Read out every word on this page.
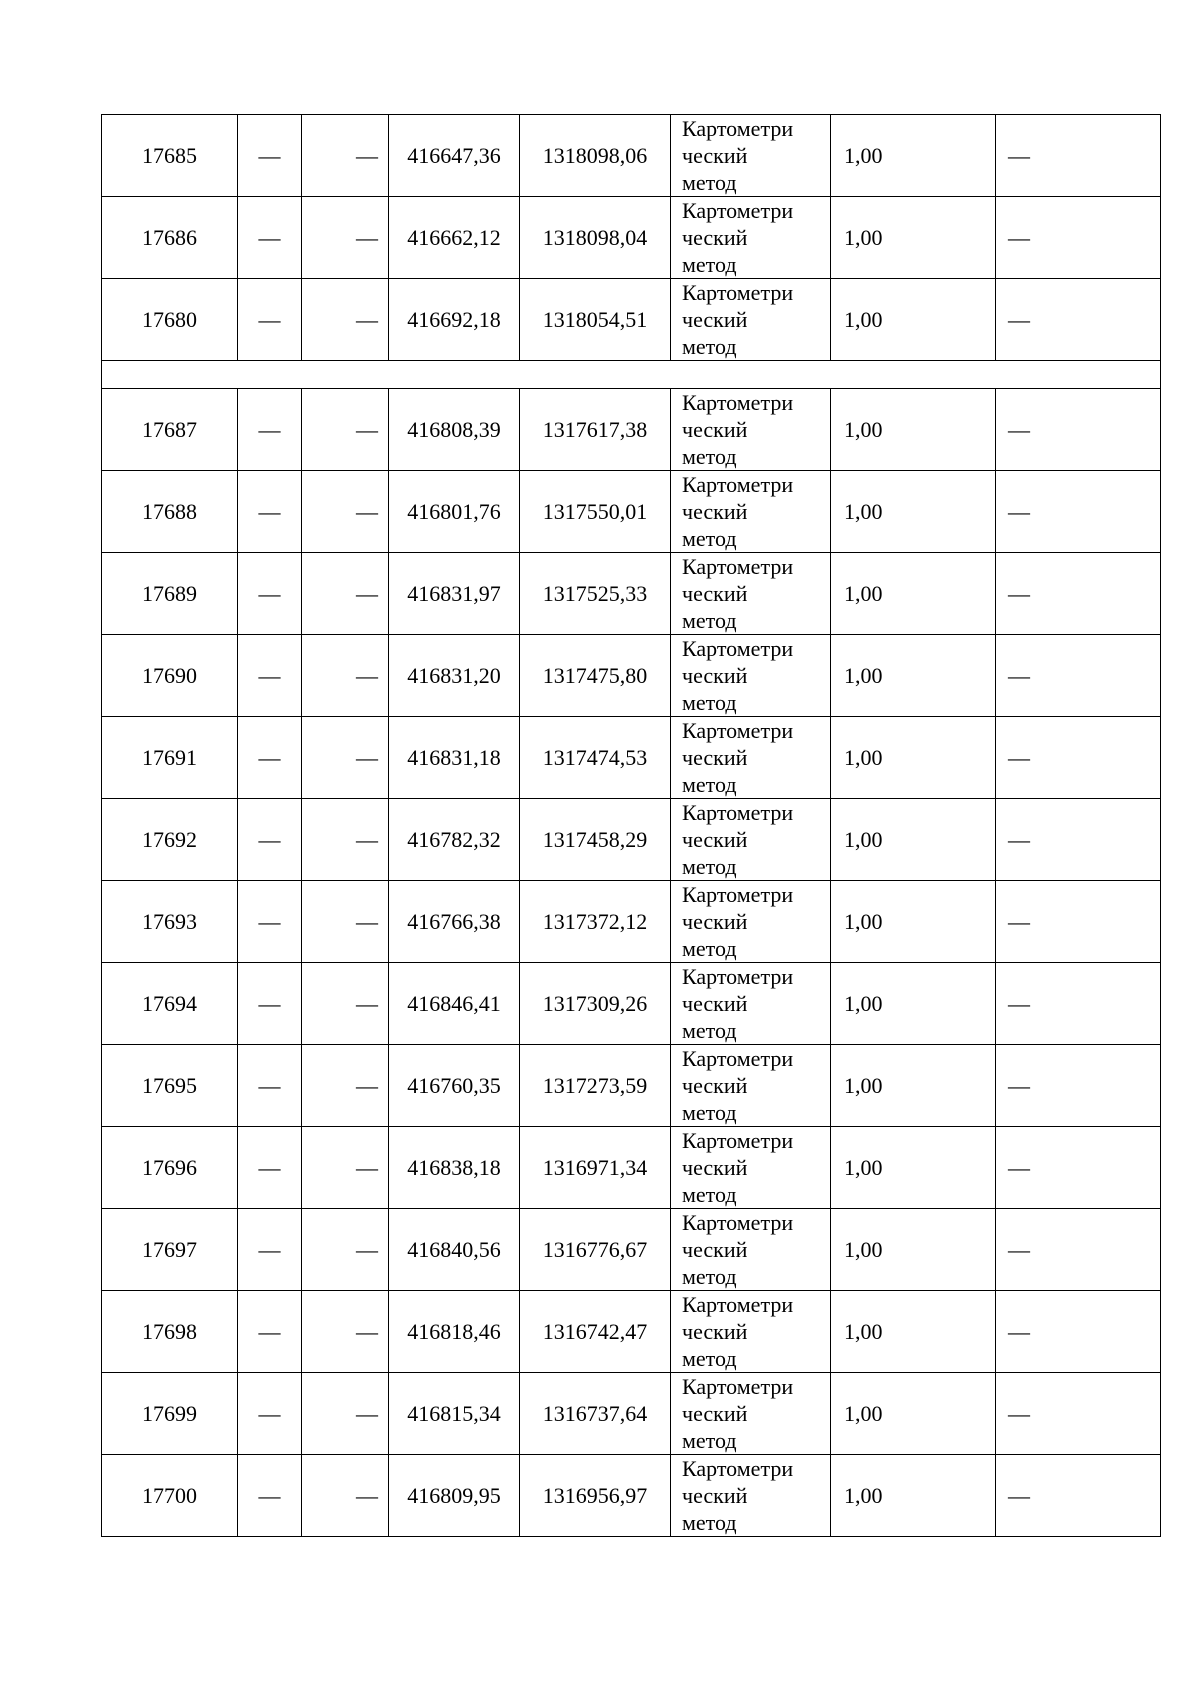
17685	—	—	416647,36	1318098,06	Картометри
ческий
метод	1,00	—
17686	—	—	416662,12	1318098,04	Картометри
ческий
метод	1,00	—
17680	—	—	416692,18	1318054,51	Картометри
ческий
метод	1,00	—

17687	—	—	416808,39	1317617,38	Картометри
ческий
метод	1,00	—
17688	—	—	416801,76	1317550,01	Картометри
ческий
метод	1,00	—
17689	—	—	416831,97	1317525,33	Картометри
ческий
метод	1,00	—
17690	—	—	416831,20	1317475,80	Картометри
ческий
метод	1,00	—
17691	—	—	416831,18	1317474,53	Картометри
ческий
метод	1,00	—
17692	—	—	416782,32	1317458,29	Картометри
ческий
метод	1,00	—
17693	—	—	416766,38	1317372,12	Картометри
ческий
метод	1,00	—
17694	—	—	416846,41	1317309,26	Картометри
ческий
метод	1,00	—
17695	—	—	416760,35	1317273,59	Картометри
ческий
метод	1,00	—
17696	—	—	416838,18	1316971,34	Картометри
ческий
метод	1,00	—
17697	—	—	416840,56	1316776,67	Картометри
ческий
метод	1,00	—
17698	—	—	416818,46	1316742,47	Картометри
ческий
метод	1,00	—
17699	—	—	416815,34	1316737,64	Картометри
ческий
метод	1,00	—
17700	—	—	416809,95	1316956,97	Картометри
ческий
метод	1,00	—
